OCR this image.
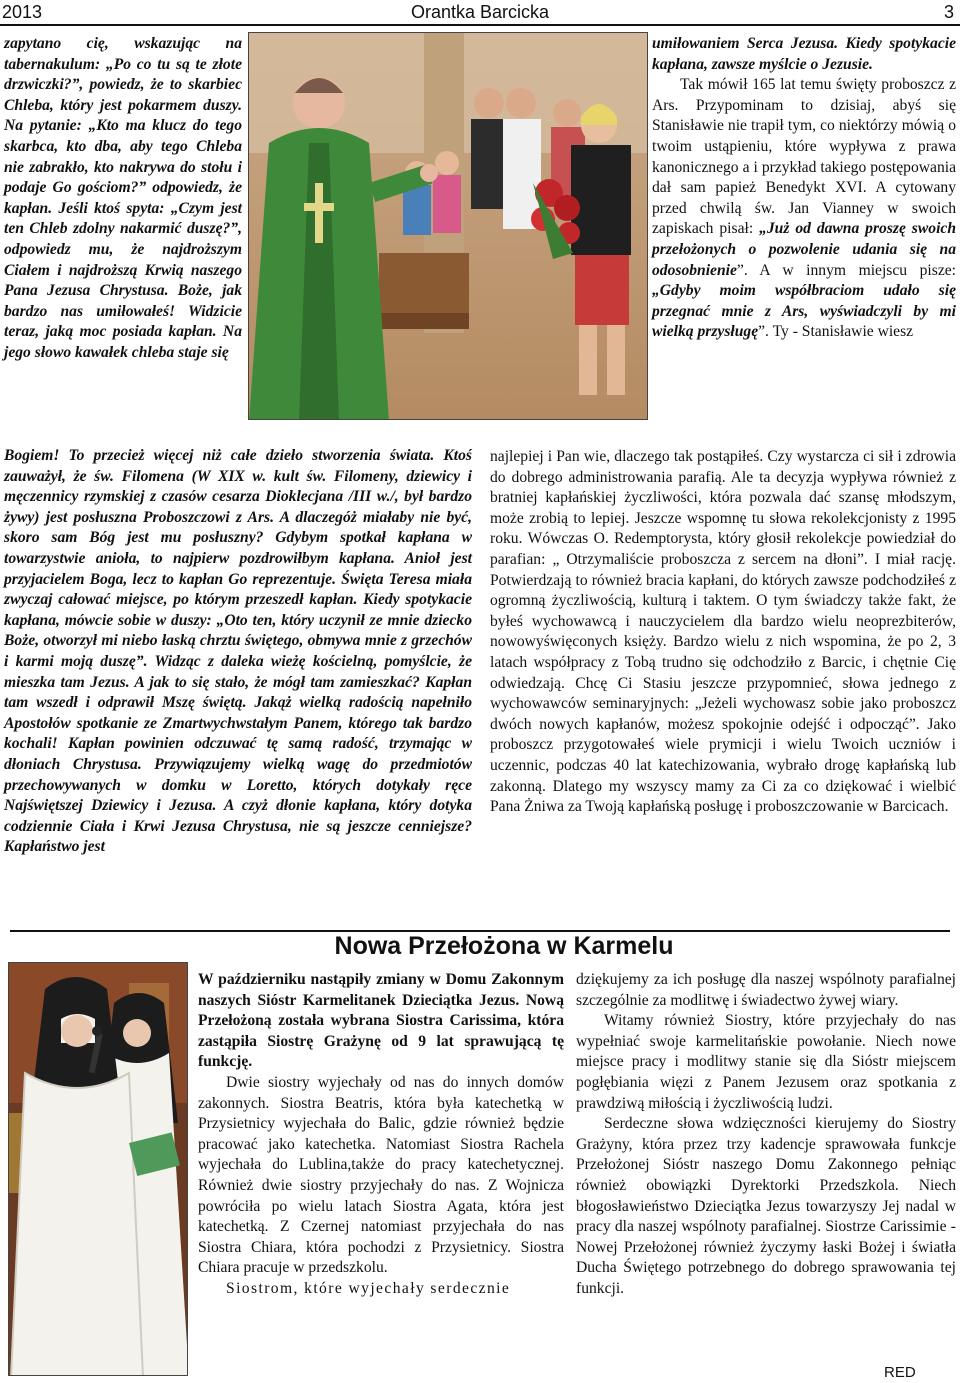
2013	Orantka Barcicka	3

zapytano cię, wskazując na tabernakulum: „Po co tu są te złote drzwiczki?”, powiedz, że to skarbiec Chleba, który jest pokarmem duszy. Na pytanie: „Kto ma klucz do tego skarbca, kto dba, aby tego Chleba nie zabrakło, kto nakrywa do stołu i podaje Go gościom?” odpowiedz, że kapłan. Jeśli ktoś spyta: „Czym jest ten Chleb zdolny nakarmić duszę?”, odpowiedz mu, że najdroższym Ciałem i najdroższą Krwią naszego Pana Jezusa Chrystusa. Boże, jak bardzo nas umiłowałeś! Widzicie teraz, jaką moc posiada kapłan. Na jego słowo kawałek chleba staje się

Bogiem! To przecież więcej niż całe dzieło stworzenia świata. Ktoś zauważył, że św. Filomena (W XIX w. kult św. Filomeny, dziewicy i męczennicy rzymskiej z czasów cesarza Dioklecjana /III w./, był bardzo żywy) jest posłuszna Proboszczowi z Ars. A dlaczegóż miałaby nie być, skoro sam Bóg jest mu posłuszny? Gdybym spotkał kapłana w towarzystwie anioła, to najpierw pozdrowiłbym kapłana. Anioł jest przyjacielem Boga, lecz to kapłan Go reprezentuje. Święta Teresa miała zwyczaj całować miejsce, po którym przeszedł kapłan. Kiedy spotykacie kapłana, mówcie sobie w duszy: „Oto ten, który uczynił ze mnie dziecko Boże, otworzył mi niebo łaską chrztu świętego, obmywa mnie z grzechów i karmi moją duszę”. Widząc z daleka wieżę kościelną, pomyślcie, że mieszka tam Jezus. A jak to się stało, że mógł tam zamieszkać? Kapłan tam wszedł i odprawił Mszę świętą. Jakąż wielką radością napełniło Apostołów spotkanie ze Zmartwychwstałym Panem, którego tak bardzo kochali! Kapłan powinien odczuwać tę samą radość, trzymając w dłoniach Chrystusa. Przywiązujemy wielką wagę do przedmiotów przechowywanych w domku w Loretto, których dotykały ręce Najświętszej Dziewicy i Jezusa. A czyż dłonie kapłana, który dotyka codziennie Ciała i Krwi Jezusa Chrystusa, nie są jeszcze cenniejsze? Kapłaństwo jest

umiłowaniem Serca Jezusa. Kiedy spotykacie kapłana, zawsze myślcie o Jezusie.

Tak mówił 165 lat temu święty proboszcz z Ars. Przypominam to dzisiaj, abyś się Stanisławie nie trapił tym, co niektórzy mówią o twoim ustąpieniu, które wypływa z prawa kanonicznego a i przykład takiego postępowania dał sam papież Benedykt XVI. A cytowany przed chwilą św. Jan Vianney w swoich zapiskach pisał: „Już od dawna proszę swoich przełożonych o pozwolenie udania się na odosobnienie”. A w innym miejscu pisze: „Gdyby moim współbraciom udało się przegnać mnie z Ars, wyświadczyli by mi wielką przysługę”. Ty - Stanisławie wiesz

najlepiej i Pan wie, dlaczego tak postąpiłeś. Czy wystarcza ci sił i zdrowia do dobrego administrowania parafią. Ale ta decyzja wypływa również z bratniej kapłańskiej życzliwości, która pozwala dać szansę młodszym, może zrobią to lepiej. Jeszcze wspomnę tu słowa rekolekcjonisty z 1995 roku. Wówczas O. Redemptorysta, który głosił rekolekcje powiedział do parafian: „ Otrzymaliście proboszcza z sercem na dłoni”. I miał rację. Potwierdzają to również bracia kapłani, do których zawsze podchodziłeś z ogromną życzliwością, kulturą i taktem. O tym świadczy także fakt, że byłeś wychowawcą i nauczycielem dla bardzo wielu neoprezbiterów, nowowyświęconych księży. Bardzo wielu z nich wspomina, że po 2, 3 latach współpracy z Tobą trudno się odchodziło z Barcic, i chętnie Cię odwiedzają. Chcę Ci Stasiu jeszcze przypomnieć, słowa jednego z wychowawców seminaryjnych: „Jeżeli wychowasz sobie jako proboszcz dwóch nowych kapłanów, możesz spokojnie odejść i odpocząć”. Jako proboszcz przygotowałeś wiele prymicji i wielu Twoich uczniów i uczennic, podczas 40 lat katechizowania, wybrało drogę kapłańską lub zakonną. Dlatego my wszyscy mamy za Ci za co dziękować i wielbić Pana Żniwa za Twoją kapłańską posługę i proboszczowanie w Barcicach.

Nowa Przełożona w Karmelu

W październiku nastąpiły zmiany w Domu Zakonnym naszych Sióstr Karmelitanek Dzieciątka Jezus. Nową Przełożoną została wybrana Siostra Carissima, która zastąpiła Siostrę Grażynę od 9 lat sprawującą tę funkcję.

Dwie siostry wyjechały od nas do innych domów zakonnych. Siostra Beatris, która była katechetką w Przysietnicy wyjechała do Balic, gdzie również będzie pracować jako katechetka. Natomiast Siostra Rachela wyjechała do Lublina,także do pracy katechetycznej. Również dwie siostry przyjechały do nas. Z Wojnicza powróciła po wielu latach Siostra Agata, która jest katechetką. Z Czernej natomiast przyjechała do nas Siostra Chiara, która pochodzi z Przysietnicy. Siostra Chiara pracuje w przedszkolu.

Siostrom, które wyjechały serdecznie

dziękujemy za ich posługę dla naszej wspólnoty parafialnej szczególnie za modlitwę i świadectwo żywej wiary.

Witamy również Siostry, które przyjechały do nas wypełniać swoje karmelitańskie powołanie. Niech nowe miejsce pracy i modlitwy stanie się dla Sióstr miejscem pogłębiania więzi z Panem Jezusem oraz spotkania z prawdziwą miłością i życzliwością ludzi.

Serdeczne słowa wdzięczności kierujemy do Siostry Grażyny, która przez trzy kadencje sprawowała funkcje Przełożonej Sióstr naszego Domu Zakonnego pełniąc również obowiązki Dyrektorki Przedszkola. Niech błogosławieństwo Dzieciątka Jezus towarzyszy Jej nadal w pracy dla naszej wspólnoty parafialnej. Siostrze Carissimie - Nowej Przełożonej również życzymy łaski Bożej i światła Ducha Świętego potrzebnego do dobrego sprawowania tej funkcji.

RED
